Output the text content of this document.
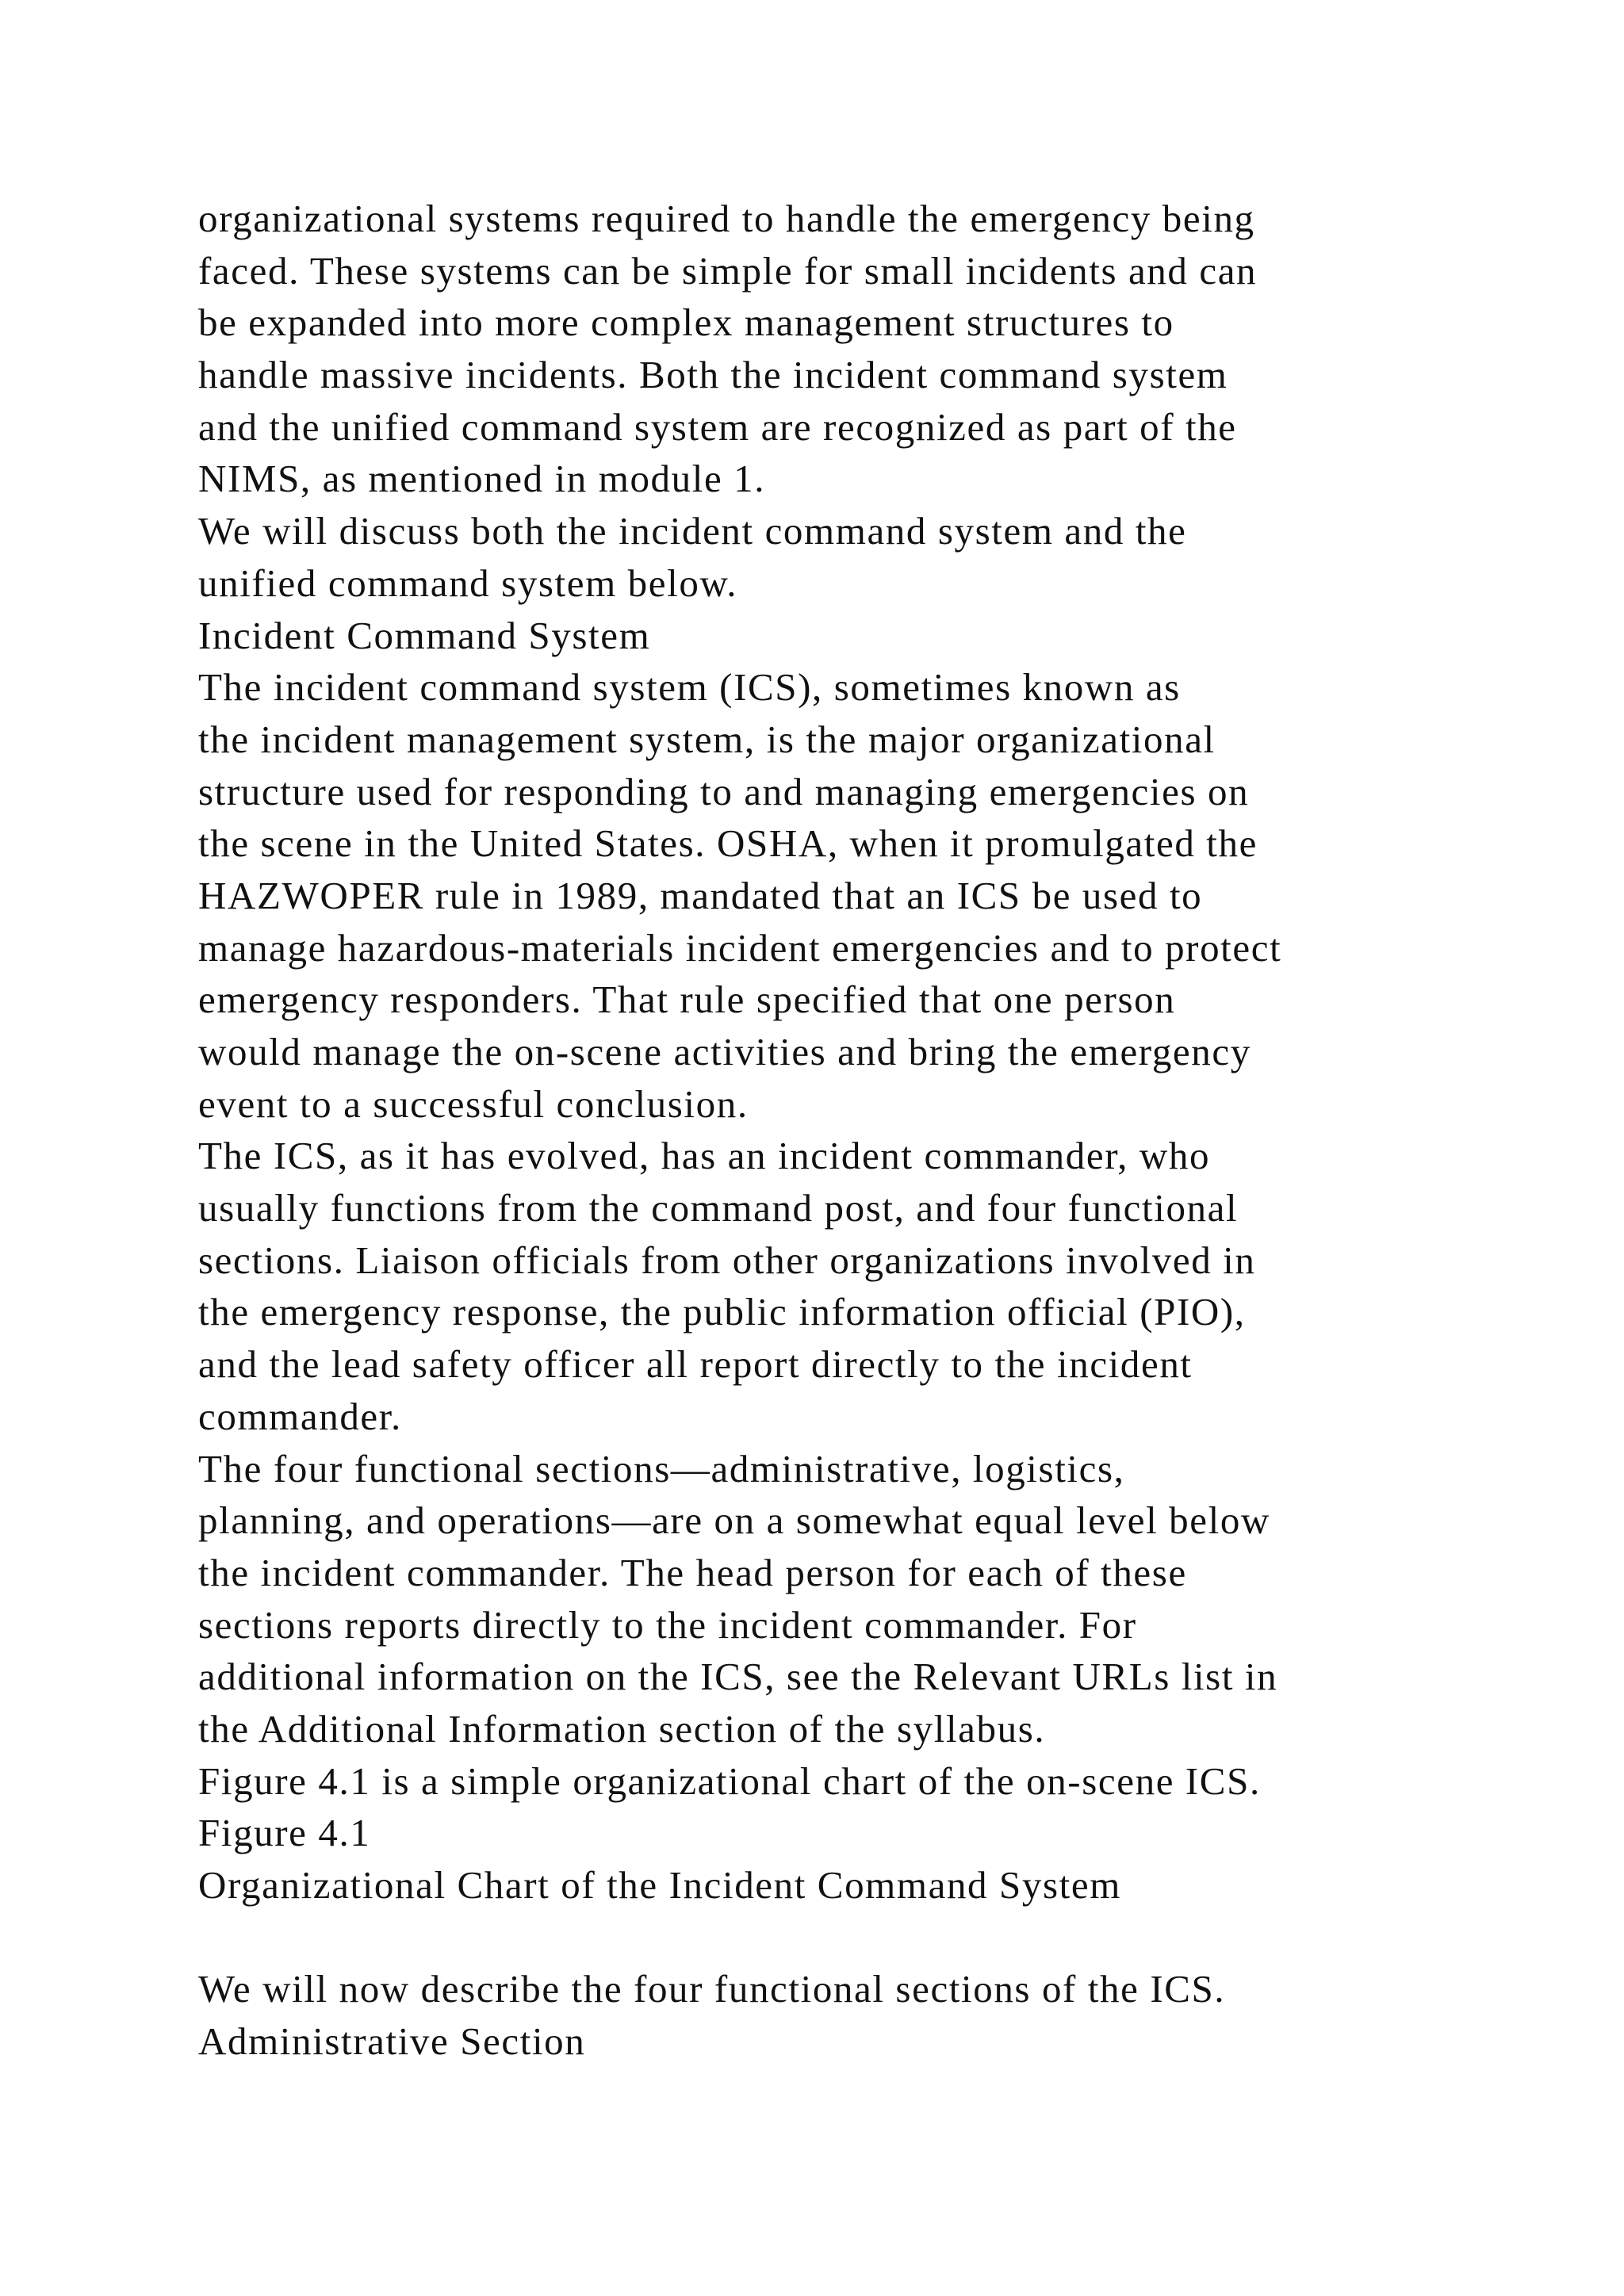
organizational systems required to handle the emergency being
faced. These systems can be simple for small incidents and can
be expanded into more complex management structures to
handle massive incidents. Both the incident command system
and the unified command system are recognized as part of the
NIMS, as mentioned in module 1.
We will discuss both the incident command system and the
unified command system below.
Incident Command System
The incident command system (ICS), sometimes known as
the incident management system, is the major organizational
structure used for responding to and managing emergencies on
the scene in the United States. OSHA, when it promulgated the
HAZWOPER rule in 1989, mandated that an ICS be used to
manage hazardous-materials incident emergencies and to protect
emergency responders. That rule specified that one person
would manage the on-scene activities and bring the emergency
event to a successful conclusion.
The ICS, as it has evolved, has an incident commander, who
usually functions from the command post, and four functional
sections. Liaison officials from other organizations involved in
the emergency response, the public information official (PIO),
and the lead safety officer all report directly to the incident
commander.
The four functional sections—administrative, logistics,
planning, and operations—are on a somewhat equal level below
the incident commander. The head person for each of these
sections reports directly to the incident commander. For
additional information on the ICS, see the Relevant URLs list in
the Additional Information section of the syllabus.
Figure 4.1 is a simple organizational chart of the on-scene ICS.
Figure 4.1
Organizational Chart of the Incident Command System
We will now describe the four functional sections of the ICS.
Administrative Section
